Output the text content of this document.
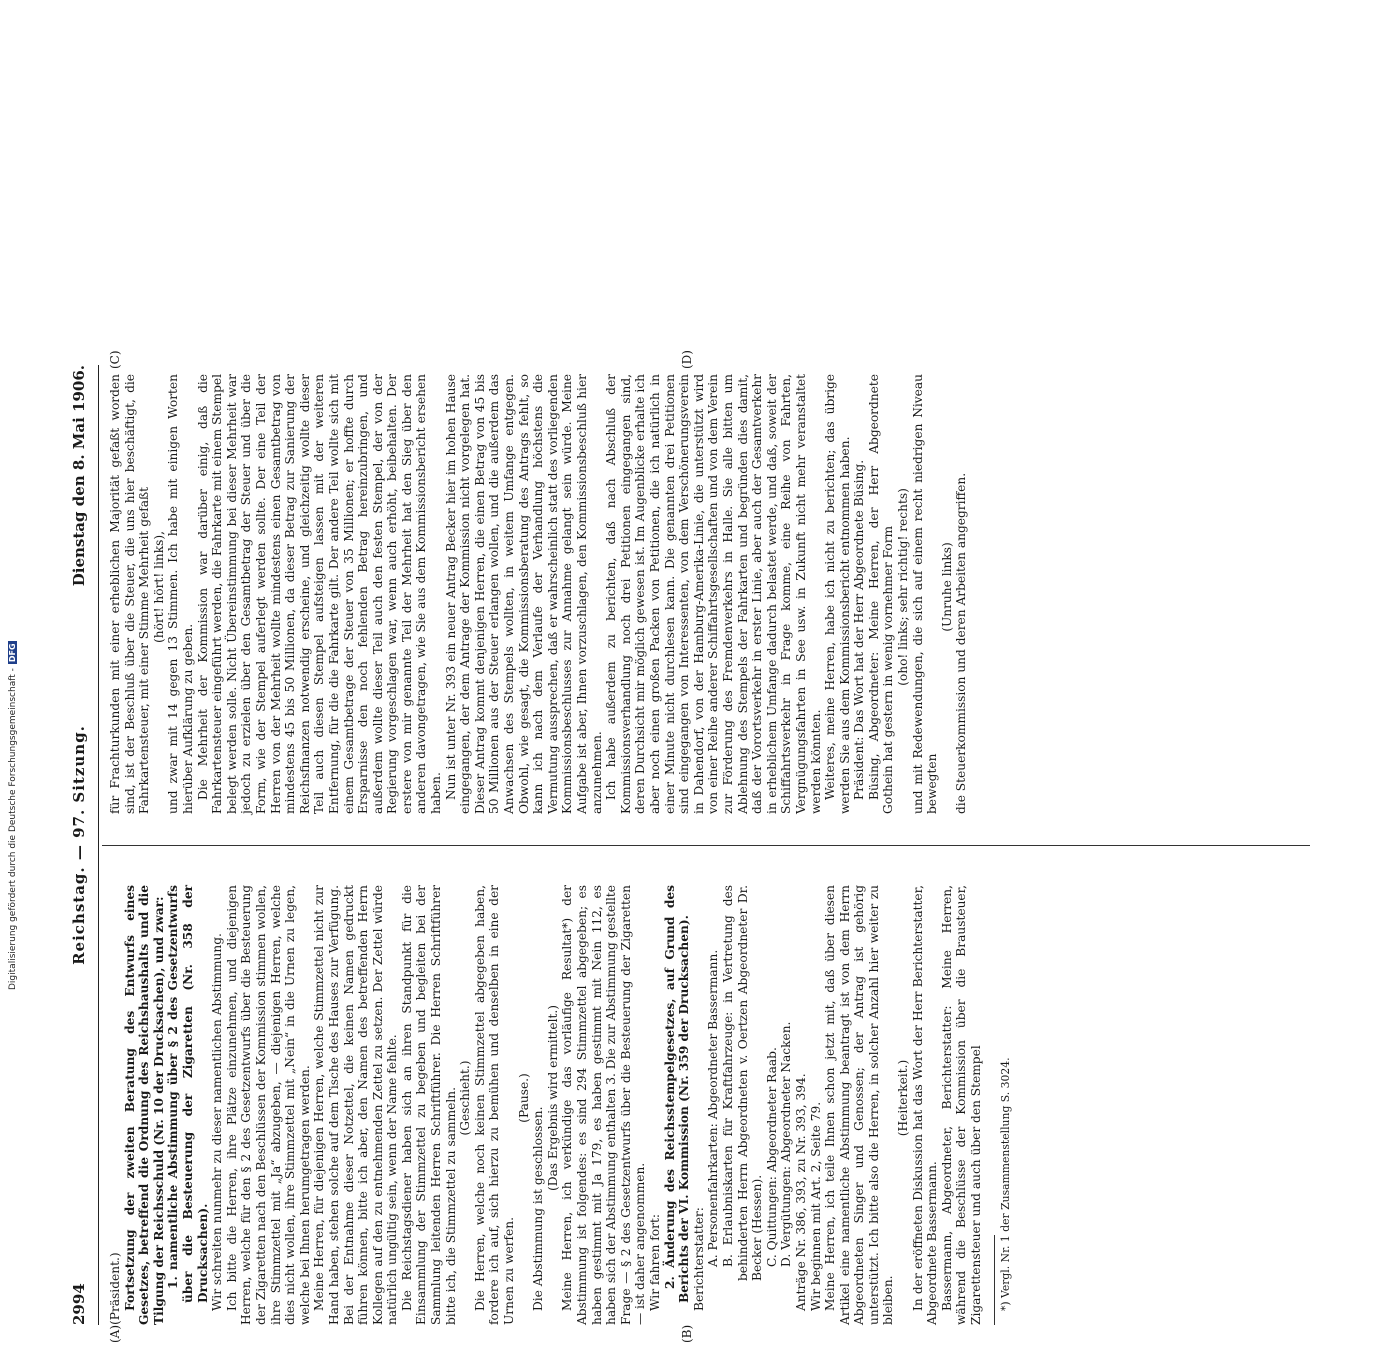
2994
Reichstag. — 97. Sitzung.
Dienstag den 8. Mai 1906.
(A)	(B)
(C)	(D)

(Präsident.) Fortsetzung der zweiten Beratung des Entwurfs eines Gesetzes, betreffend die Ordnung des Reichshaushalts und die Tilgung der Reichsschuld (Nr. 10 der Drucksachen), und zwar: 1. namentliche Abstimmung über § 2 des Gesetzentwurfs über die Besteuerung der Zigaretten (Nr. 358 der Drucksachen). Wir schreiten nunmehr zu dieser namentlichen Abstimmung. Ich bitte die Herren, ihre Plätze einzunehmen, und diejenigen Herren, welche für den § 2 des Gesetzentwurfs über die Besteuerung der Zigaretten nach den Beschlüssen der Kommission stimmen wollen, ihre Stimmzettel mit „Ja“ abzugeben, — diejenigen Herren, welche dies nicht wollen, ihre Stimmzettel mit „Nein“ in die Urnen zu legen, welche bei Ihnen herumgetragen werden. Meine Herren, für diejenigen Herren, welche Stimmzettel nicht zur Hand haben, stehen solche auf dem Tische des Hauses zur Verfügung. Bei der Entnahme dieser Notzettel, die keinen Namen gedruckt führen können, bitte ich aber, den Namen des betreffenden Herrn Kollegen auf den zu entnehmenden Zettel zu setzen. Der Zettel würde natürlich ungültig sein, wenn der Name fehlte. Die Reichstagsdiener haben sich an ihren Standpunkt für die Einsammlung der Stimmzettel zu begeben und begleiten bei der Sammlung leitenden Herren Schriftführer. Die Herren Schriftführer bitte ich, die Stimmzettel zu sammeln. (Geschieht.) Die Herren, welche noch keinen Stimmzettel abgegeben haben, fordere ich auf, sich hierzu zu bemühen und denselben in eine der Urnen zu werfen.

(Pause.)

Die Abstimmung ist geschlossen.

(Das Ergebnis wird ermittelt.) Meine Herren, ich verkündige das vorläufige Resultat*) der Abstimmung ist folgendes: es sind 294 Stimmzettel abgegeben; es haben gestimmt mit Ja 179, es haben gestimmt mit Nein 112, es haben sich der Abstimmung enthalten 3. Die zur Abstimmung gestellte Frage — § 2 des Gesetzentwurfs über die Besteuerung der Zigaretten — ist daher angenommen. Wir fahren fort: 2. Änderung des Reichsstempelgesetzes, auf Grund des Berichts der VI. Kommission (Nr. 359 der Drucksachen). Berichterstatter: A. Personenfahrkarten: Abgeordneter Bassermann. B. Erlaubniskarten für Kraftfahrzeuge: in Vertretung des behinderten Herrn Abgeordneten v. Oertzen Abgeordneter Dr. Becker (Hessen). C. Quittungen: Abgeordneter Raab. D. Vergütungen: Abgeordneter Nacken. Anträge Nr. 386, 393, zu Nr. 393, 394. Wir beginnen mit Art. 2, Seite 79. Meine Herren, ich teile Ihnen schon jetzt mit, daß über diesen Artikel eine namentliche Abstimmung beantragt ist von dem Herrn Abgeordneten Singer und Genossen; der Antrag ist gehörig unterstützt. Ich bitte also die Herren, in solcher Anzahl hier weiter zu bleiben.

(Heiterkeit.) In der eröffneten Diskussion hat das Wort der Herr Berichterstatter, Abgeordnete Bassermann. Bassermann, Abgeordneter, Berichterstatter: Meine Herren, während die Beschlüsse der Kommission über die Brausteuer, Zigarettensteuer und auch über den Stempel *) Vergl. Nr. 1 der Zusammenstellung S. 3024.

für Frachturkunden mit einer erheblichen Majorität gefaßt worden sind, ist der Beschluß über die Steuer, die uns hier beschäftigt, die Fahrkartensteuer, mit einer Stimme Mehrheit gefaßt (hört! hört! links), und zwar mit 14 gegen 13 Stimmen. Ich habe mit einigen Worten hierüber Aufklärung zu geben. Die Mehrheit der Kommission war darüber einig, daß die Fahrkartensteuer eingeführt werden, die Fahrkarte mit einem Stempel belegt werden solle. Nicht Übereinstimmung bei dieser Mehrheit war jedoch zu erzielen über den Gesamtbetrag der Steuer und über die Form, wie der Stempel auferlegt werden sollte. Der eine Teil der Herren von der Mehrheit wollte mindestens einen Gesamtbetrag von mindestens 45 bis 50 Millionen, da dieser Betrag zur Sanierung der Reichsfinanzen notwendig erscheine, und gleichzeitig wollte dieser Teil auch diesen Stempel aufsteigen lassen mit der weiteren Entfernung, für die die Fahrkarte gilt. Der andere Teil wollte sich mit einem Gesamtbetrage der Steuer von 35 Millionen; er hoffte durch Ersparnisse den noch fehlenden Betrag hereinzubringen, und außerdem wollte dieser Teil auch den festen Stempel, der von der Regierung vorgeschlagen war, wenn auch erhöht, beibehalten. Der erstere von mir genannte Teil der Mehrheit hat den Sieg über den anderen davongetragen, wie Sie aus dem Kommissionsbericht ersehen haben. Nun ist unter Nr. 393 ein neuer Antrag Becker hier im hohen Hause eingegangen, der dem Antrage der Kommission nicht vorgelegen hat. Dieser Antrag kommt denjenigen Herren, die einen Betrag von 45 bis 50 Millionen aus der Steuer erlangen wollen, und die außerdem das Anwachsen des Stempels wollten, in weitem Umfange entgegen. Obwohl, wie gesagt, die Kommissionsberatung des Antrags fehlt, so kann ich nach dem Verlaufe der Verhandlung höchstens die Vermutung aussprechen, daß er wahrscheinlich statt des vorliegenden Kommissionsbeschlusses zur Annahme gelangt sein würde. Meine Aufgabe ist aber, Ihnen vorzuschlagen, den Kommissionsbeschluß hier anzunehmen. Ich habe außerdem zu berichten, daß nach Abschluß der Kommissionsverhandlung noch drei Petitionen eingegangen sind, deren Durchsicht mir möglich gewesen ist. Im Augenblicke erhalte ich aber noch einen großen Packen von Petitionen, die ich natürlich in einer Minute nicht durchlesen kann. Die genannten drei Petitionen sind eingegangen von Interessenten, von dem Verschönerungsverein in Dahendorf, von der Hamburg-Amerika-Linie, die unterstützt wird von einer Reihe anderer Schiffahrtsgesellschaften und von dem Verein zur Förderung des Fremdenverkehrs in Halle. Sie alle bitten um Ablehnung des Stempels der Fahrkarten und begründen dies damit, daß der Vorortsverkehr in erster Linie, aber auch der Gesamtverkehr in erheblichem Umfange dadurch belastet werde, und daß, soweit der Schiffahrtsverkehr in Frage komme, eine Reihe von Fahrten, Vergnügungsfahrten in See usw. in Zukunft nicht mehr veranstaltet werden könnten. Weiteres, meine Herren, habe ich nicht zu berichten; das übrige werden Sie aus dem Kommissionsbericht entnommen haben. Präsident: Das Wort hat der Herr Abgeordnete Büsing. Büsing, Abgeordneter: Meine Herren, der Herr Abgeordnete Gothein hat gestern in wenig vornehmer Form (oho! links; sehr richtig! rechts) und mit Redewendungen, die sich auf einem recht niedrigen Niveau bewegten

(Unruhe links) die Steuerkommission und deren Arbeiten angegriffen.

Digitalisierung gefördert durch die Deutsche Forschungsgemeinschaft -DFG
